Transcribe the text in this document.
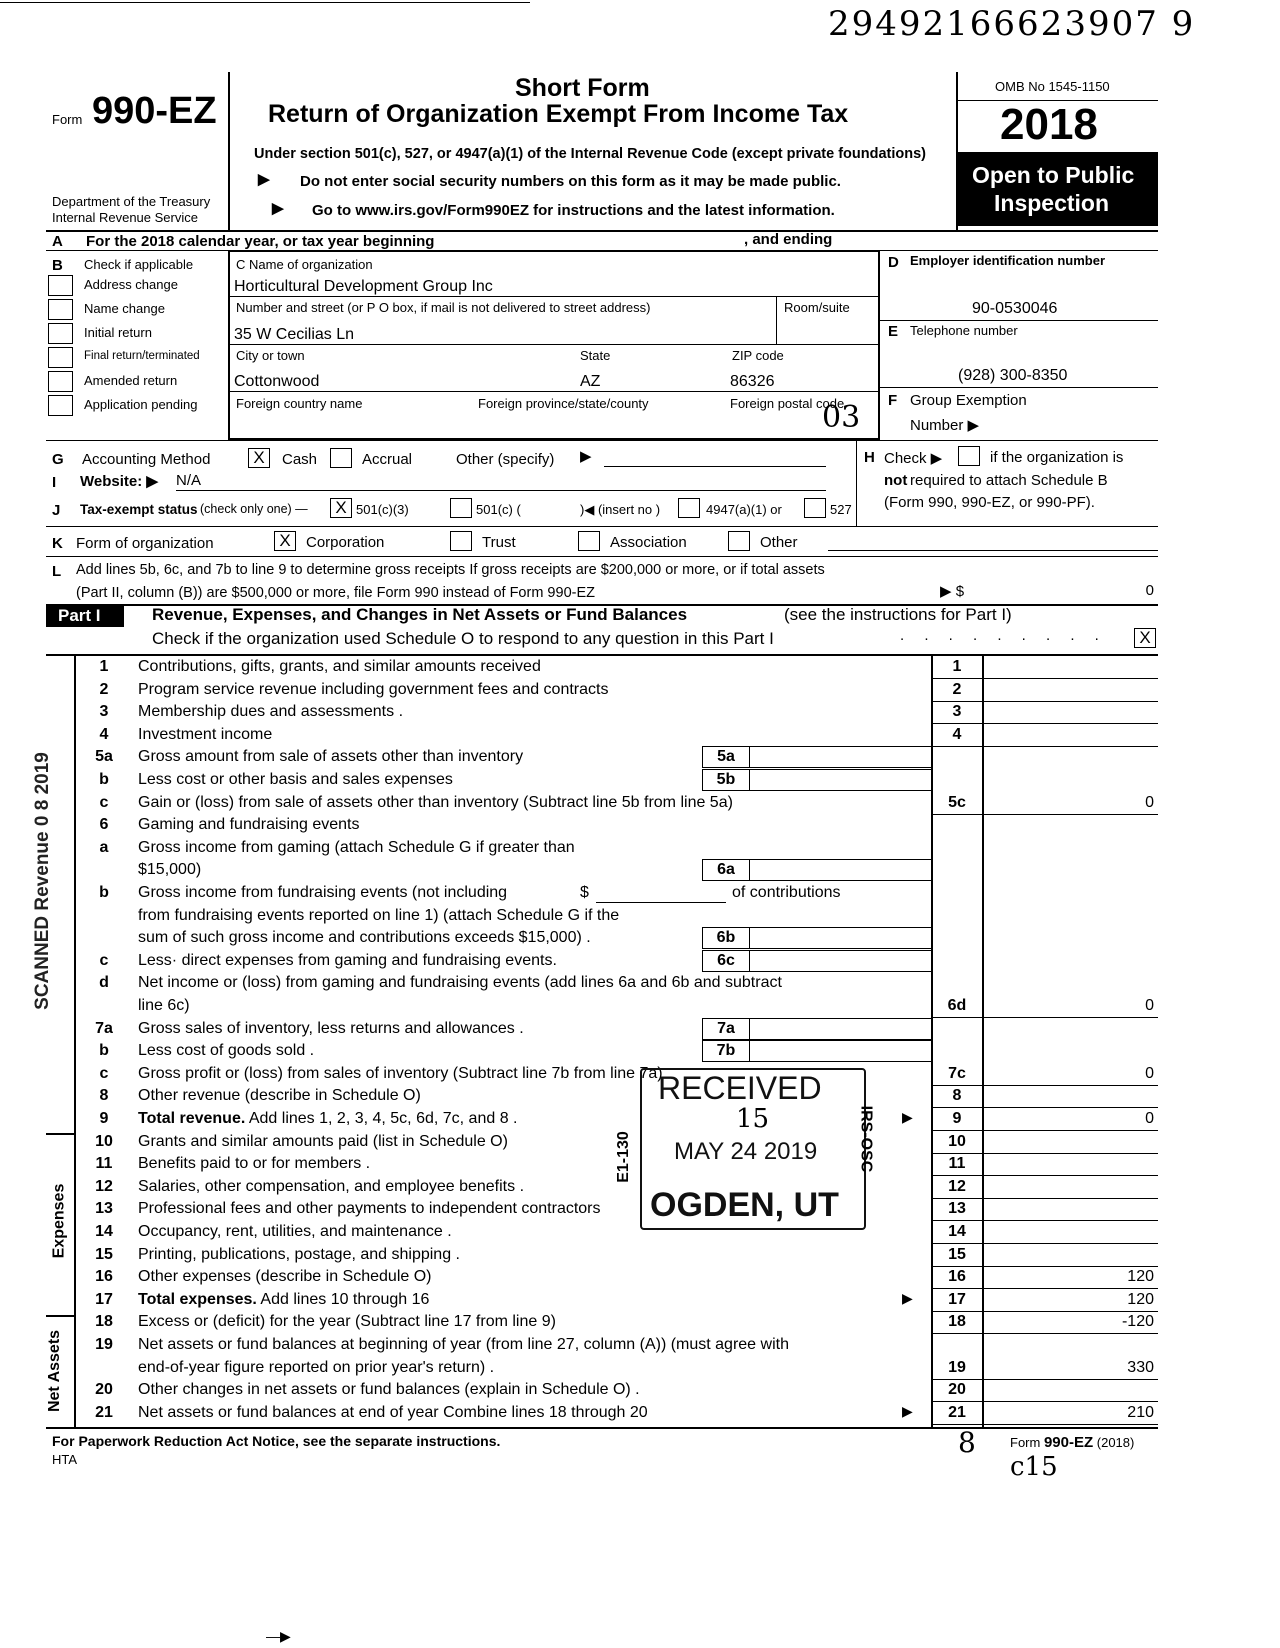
29492166623907 9
Form 990-EZ
Department of the Treasury
Internal Revenue Service
Short Form
Return of Organization Exempt From Income Tax
Under section 501(c), 527, or 4947(a)(1) of the Internal Revenue Code (except private foundations)
▶ Do not enter social security numbers on this form as it may be made public.
▶ Go to www.irs.gov/Form990EZ for instructions and the latest information.
OMB No 1545-1150
2018
Open to Public
Inspection
A For the 2018 calendar year, or tax year beginning	, and ending
B Check if applicable
Address change
Name change
Initial return
Final return/terminated
Amended return
Application pending
C Name of organization
Horticultural Development Group Inc
Number and street (or P O box, if mail is not delivered to street address)	Room/suite
35 W Cecilias Ln
City or town	State	ZIP code
Cottonwood	AZ	86326
Foreign country name	Foreign province/state/county	Foreign postal code
03
D Employer identification number
90-0530046
E Telephone number
(928) 300-8350
F Group Exemption
Number ▶
G Accounting Method	X	Cash	Accrual	Other (specify) ▶
I Website: ▶ N/A
H Check ▶	if the organization is
not required to attach Schedule B
(Form 990, 990-EZ, or 990-PF).
J Tax-exempt status (check only one) —	X 501(c)(3)	501(c) (	)◀ (insert no )	4947(a)(1) or	527
K Form of organization	X	Corporation	Trust	Association	Other
L Add lines 5b, 6c, and 7b to line 9 to determine gross receipts If gross receipts are $200,000 or more, or if total assets
(Part II, column (B)) are $500,000 or more, file Form 990 instead of Form 990-EZ	▶ $	0
Part I	Revenue, Expenses, and Changes in Net Assets or Fund Balances	(see the instructions for Part I)
Check if the organization used Schedule O to respond to any question in this Part I	. . . . . . . . .	X
SCANNED Revenue 0 8 2019
Expenses
Net Assets
1	Contributions, gifts, grants, and similar amounts received	1
2	Program service revenue including government fees and contracts	2
3	Membership dues and assessments .	3
4	Investment income	4
5a	Gross amount from sale of assets other than inventory	5a
b	Less cost or other basis and sales expenses	5b
c	Gain or (loss) from sale of assets other than inventory (Subtract line 5b from line 5a)	5c	0
6	Gaming and fundraising events
a	Gross income from gaming (attach Schedule G if greater than
$15,000)	6a
b	Gross income from fundraising events (not including	$	of contributions
from fundraising events reported on line 1) (attach Schedule G if the
sum of such gross income and contributions exceeds $15,000) .	6b
c	Less· direct expenses from gaming and fundraising events.	6c
d	Net income or (loss) from gaming and fundraising events (add lines 6a and 6b and subtract
line 6c)	6d	0
7a	Gross sales of inventory, less returns and allowances .	7a
b	Less cost of goods sold .	7b
c	Gross profit or (loss) from sales of inventory (Subtract line 7b from line 7a)	7c	0
8	Other revenue (describe in Schedule O)	8
9	Total revenue. Add lines 1, 2, 3, 4, 5c, 6d, 7c, and 8 .	▶	9	0
10	Grants and similar amounts paid (list in Schedule O)	10
11	Benefits paid to or for members .	11
12	Salaries, other compensation, and employee benefits .	12
13	Professional fees and other payments to independent contractors	13
14	Occupancy, rent, utilities, and maintenance .	14
15	Printing, publications, postage, and shipping .	15
16	Other expenses (describe in Schedule O)	16	120
17	Total expenses. Add lines 10 through 16	▶	17	120
18	Excess or (deficit) for the year (Subtract line 17 from line 9)	18	-120
19	Net assets or fund balances at beginning of year (from line 27, column (A)) (must agree with
end-of-year figure reported on prior year's return) .	19	330
20	Other changes in net assets or fund balances (explain in Schedule O) .	20
21	Net assets or fund balances at end of year Combine lines 18 through 20	▶	21	210
RECEIVED
MAY 24 2019
OGDEN, UT
E1-130	IRS-OSC
15
For Paperwork Reduction Act Notice, see the separate instructions.
HTA
8	Form 990-EZ (2018)
c15
—▶
